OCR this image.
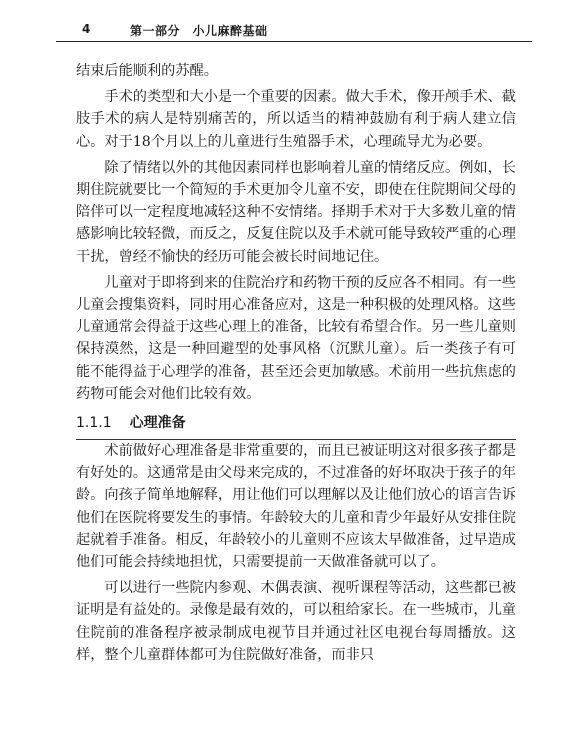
4	第一部分　小儿麻醉基础

结束后能顺利的苏醒。

手术的类型和大小是一个重要的因素。做大手术，像开颅手术、截肢手术的病人是特别痛苦的，所以适当的精神鼓励有利于病人建立信心。对于18个月以上的儿童进行生殖器手术，心理疏导尤为必要。

除了情绪以外的其他因素同样也影响着儿童的情绪反应。例如，长期住院就要比一个简短的手术更加令儿童不安，即使在住院期间父母的陪伴可以一定程度地减轻这种不安情绪。择期手术对于大多数儿童的情感影响比较轻微，而反之，反复住院以及手术就可能导致较严重的心理干扰，曾经不愉快的经历可能会被长时间地记住。

儿童对于即将到来的住院治疗和药物干预的反应各不相同。有一些儿童会搜集资料，同时用心准备应对，这是一种积极的处理风格。这些儿童通常会得益于这些心理上的准备，比较有希望合作。另一些儿童则保持漠然，这是一种回避型的处事风格（沉默儿童）。后一类孩子有可能不能得益于心理学的准备，甚至还会更加敏感。术前用一些抗焦虑的药物可能会对他们比较有效。

1.1.1 心理准备

术前做好心理准备是非常重要的，而且已被证明这对很多孩子都是有好处的。这通常是由父母来完成的，不过准备的好坏取决于孩子的年龄。向孩子简单地解释，用让他们可以理解以及让他们放心的语言告诉他们在医院将要发生的事情。年龄较大的儿童和青少年最好从安排住院起就着手准备。相反，年龄较小的儿童则不应该太早做准备，过早造成他们可能会持续地担忧，只需要提前一天做准备就可以了。

可以进行一些院内参观、木偶表演、视听课程等活动，这些都已被证明是有益处的。录像是最有效的，可以租给家长。在一些城市，儿童住院前的准备程序被录制成电视节目并通过社区电视台每周播放。这样，整个儿童群体都可为住院做好准备，而非只
